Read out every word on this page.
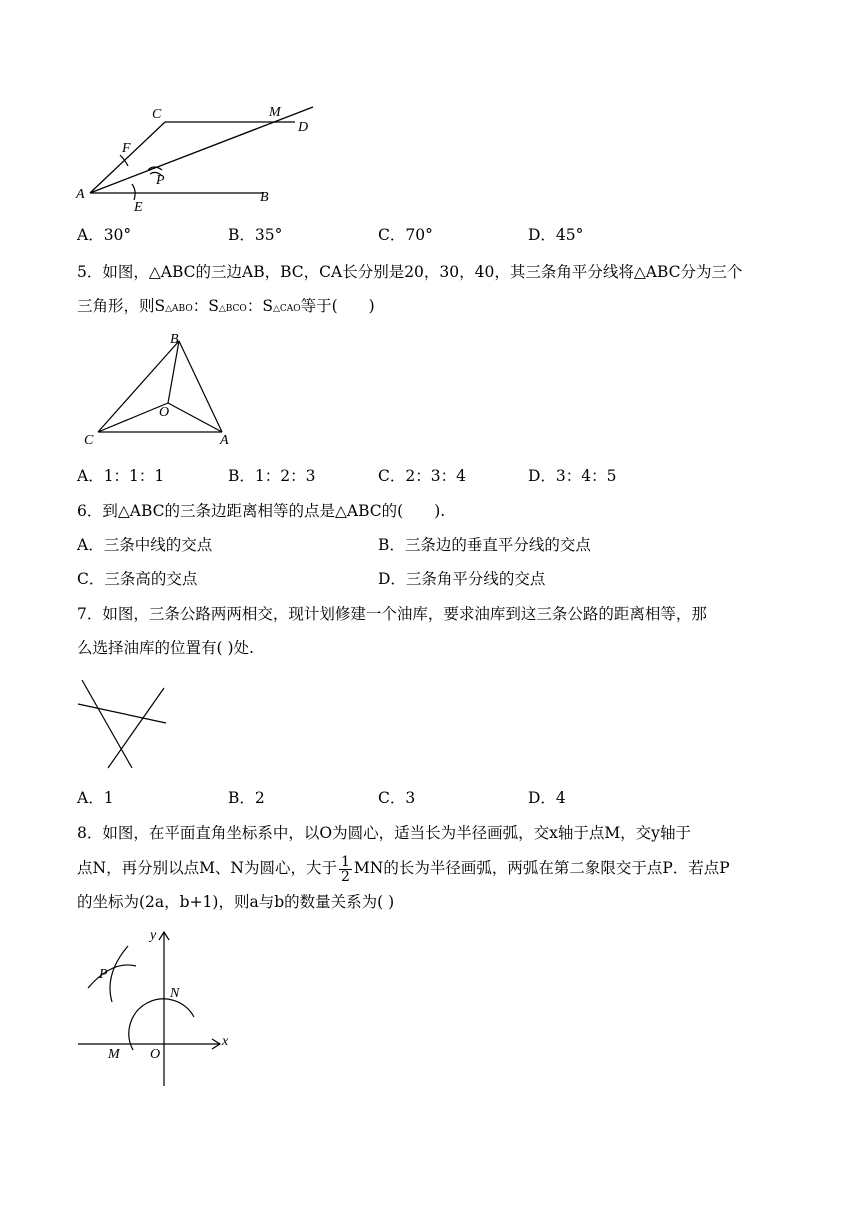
C	M
D
F
P
A
E
B
A．30°	B．35°	C．70°	D．45°
5．如图，△ABC的三边AB，BC，CA长分别是20，30，40，其三条角平分线将△ABC分为三个
三角形，则S△ABO：S△BCO：S△CAO等于(　　)
B
O
C	A
A．1：1：1	B．1：2：3	C．2：3：4	D．3：4：5
6．到△ABC的三条边距离相等的点是△ABC的(　　).
A．三条中线的交点	B．三条边的垂直平分线的交点
C．三条高的交点	D．三条角平分线的交点
7．如图，三条公路两两相交，现计划修建一个油库，要求油库到这三条公路的距离相等，那
么选择油库的位置有( )处.
A．1	B．2	C．3	D．4
8．如图，在平面直角坐标系中，以O为圆心，适当长为半径画弧，交x轴于点M，交y轴于
点N，再分别以点M、N为圆心，大于 $\frac{1}{2}$ MN的长为半径画弧，两弧在第二象限交于点P．若点P
的坐标为(2a，b+1)，则a与b的数量关系为( )
y
x
P
N
M O
